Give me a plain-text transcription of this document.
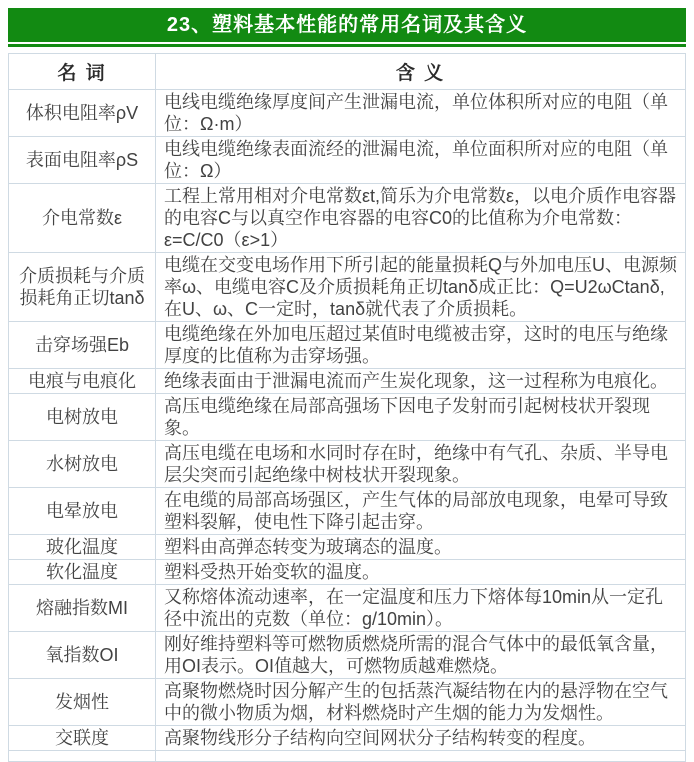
23、塑料基本性能的常用名词及其含义
名 词	含 义
体积电阻率ρV	电线电缆绝缘厚度间产生泄漏电流，单位体积所对应的电阻（单位：Ω·m）
表面电阻率ρS	电线电缆绝缘表面流经的泄漏电流，单位面积所对应的电阻（单位：Ω）
介电常数ε	工程上常用相对介电常数εt,简乐为介电常数ε，以电介质作电容器的电容C与以真空作电容器的电容C0的比值称为介电常数：ε=C/C0（ε>1）
介质损耗与介质损耗角正切tanδ	电缆在交变电场作用下所引起的能量损耗Q与外加电压U、电源频率ω、电缆电容C及介质损耗角正切tanδ成正比：Q=U2ωCtanδ,在U、ω、C一定时，tanδ就代表了介质损耗。
击穿场强Eb	电缆绝缘在外加电压超过某值时电缆被击穿，这时的电压与绝缘厚度的比值称为击穿场强。
电痕与电痕化	绝缘表面由于泄漏电流而产生炭化现象，这一过程称为电痕化。
电树放电	高压电缆绝缘在局部高强场下因电子发射而引起树枝状开裂现象。
水树放电	高压电缆在电场和水同时存在时，绝缘中有气孔、杂质、半导电层尖突而引起绝缘中树枝状开裂现象。
电晕放电	在电缆的局部高场强区，产生气体的局部放电现象，电晕可导致塑料裂解，使电性下降引起击穿。
玻化温度	塑料由高弹态转变为玻璃态的温度。
软化温度	塑料受热开始变软的温度。
熔融指数MI	又称熔体流动速率，在一定温度和压力下熔体每10min从一定孔径中流出的克数（单位：g/10min）。
氧指数OI	刚好维持塑料等可燃物质燃烧所需的混合气体中的最低氧含量，用OI表示。OI值越大，可燃物质越难燃烧。
发烟性	高聚物燃烧时因分解产生的包括蒸汽凝结物在内的悬浮物在空气中的微小物质为烟，材料燃烧时产生烟的能力为发烟性。
交联度	高聚物线形分子结构向空间网状分子结构转变的程度。
